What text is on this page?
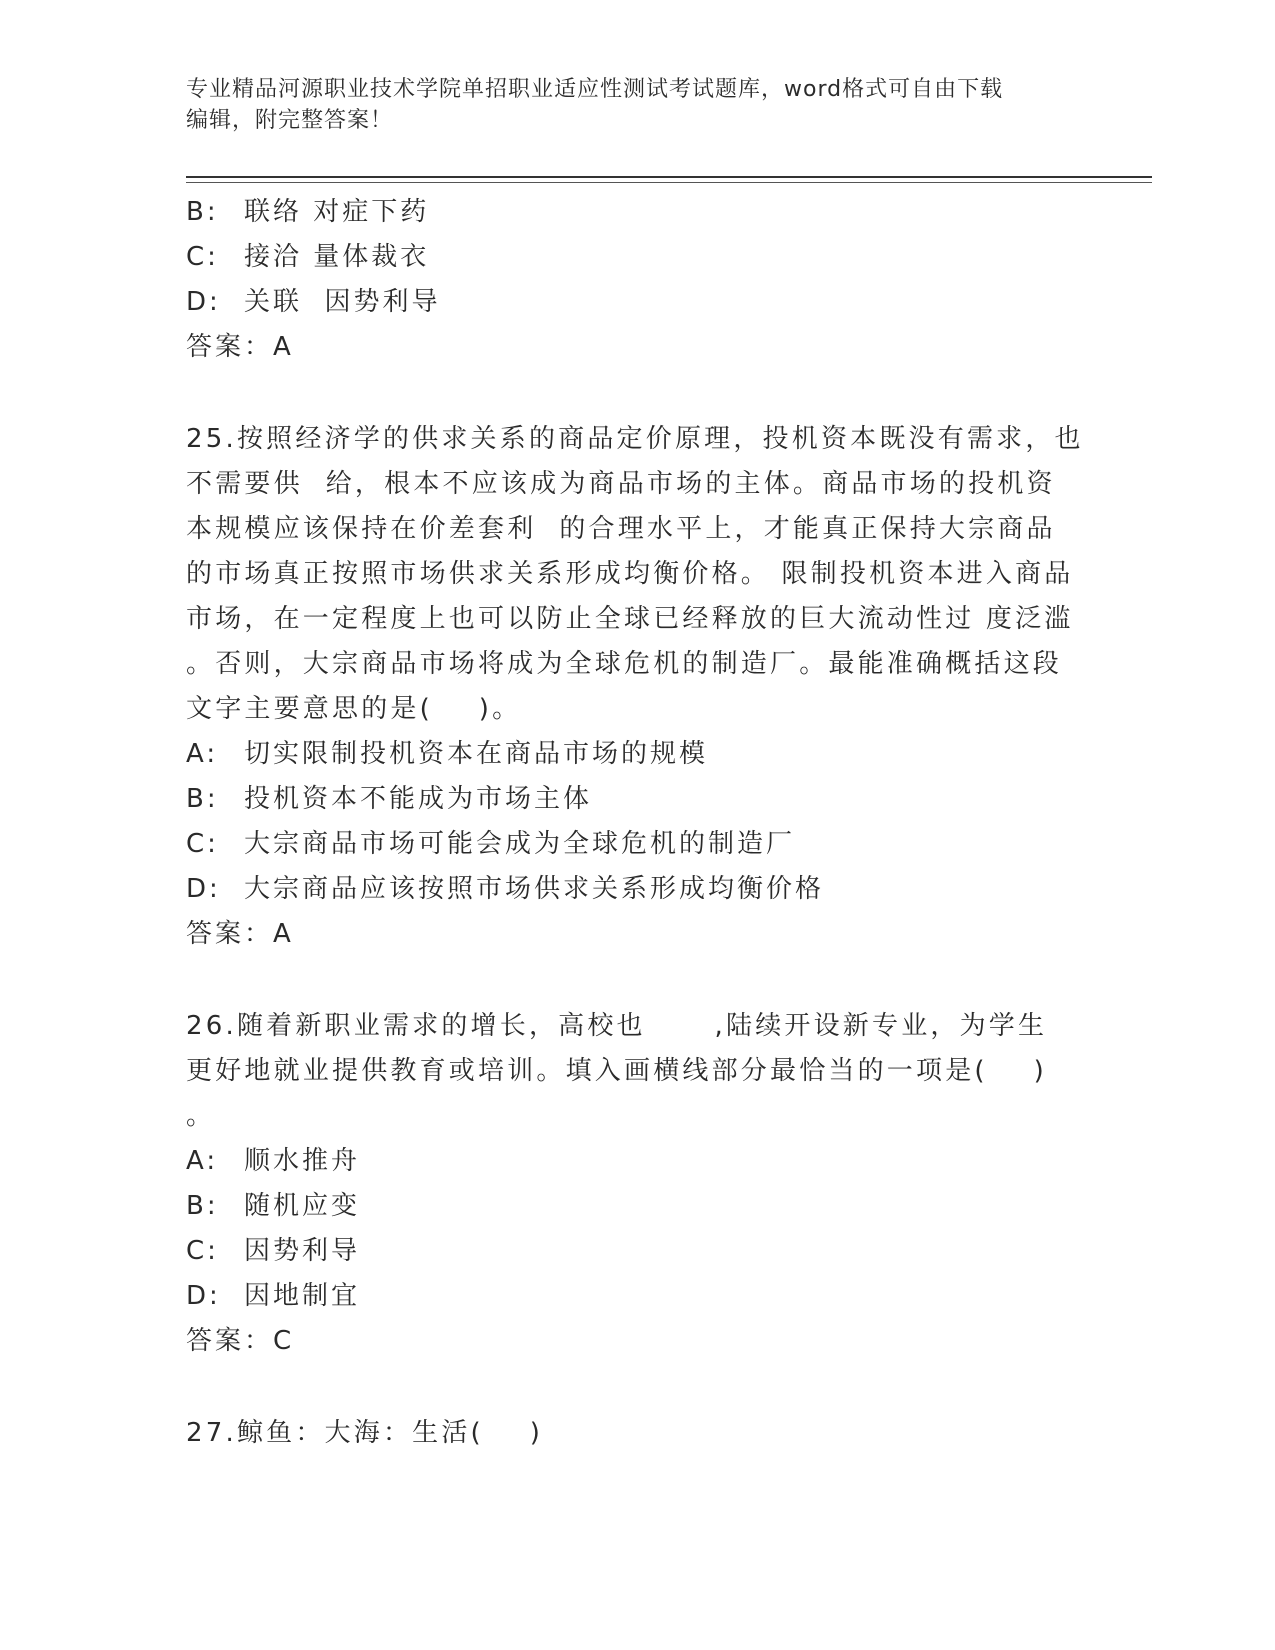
专业精品河源职业技术学院单招职业适应性测试考试题库，word格式可自由下载
编辑，附完整答案！
B: 联络 对症下药
C: 接洽 量体裁衣
D: 关联  因势利导
答案：A
25.按照经济学的供求关系的商品定价原理，投机资本既没有需求，也
不需要供  给，根本不应该成为商品市场的主体。商品市场的投机资
本规模应该保持在价差套利  的合理水平上，才能真正保持大宗商品
的市场真正按照市场供求关系形成均衡价格。 限制投机资本进入商品
市场，在一定程度上也可以防止全球已经释放的巨大流动性过 度泛滥
。否则，大宗商品市场将成为全球危机的制造厂。最能准确概括这段
文字主要意思的是(    )。
A: 切实限制投机资本在商品市场的规模
B: 投机资本不能成为市场主体
C: 大宗商品市场可能会成为全球危机的制造厂
D: 大宗商品应该按照市场供求关系形成均衡价格
答案：A
26.随着新职业需求的增长，高校也      ,陆续开设新专业，为学生
更好地就业提供教育或培训。填入画横线部分最恰当的一项是(    )
。
A: 顺水推舟
B: 随机应变
C: 因势利导
D: 因地制宜
答案：C
27.鲸鱼：大海：生活(    )
